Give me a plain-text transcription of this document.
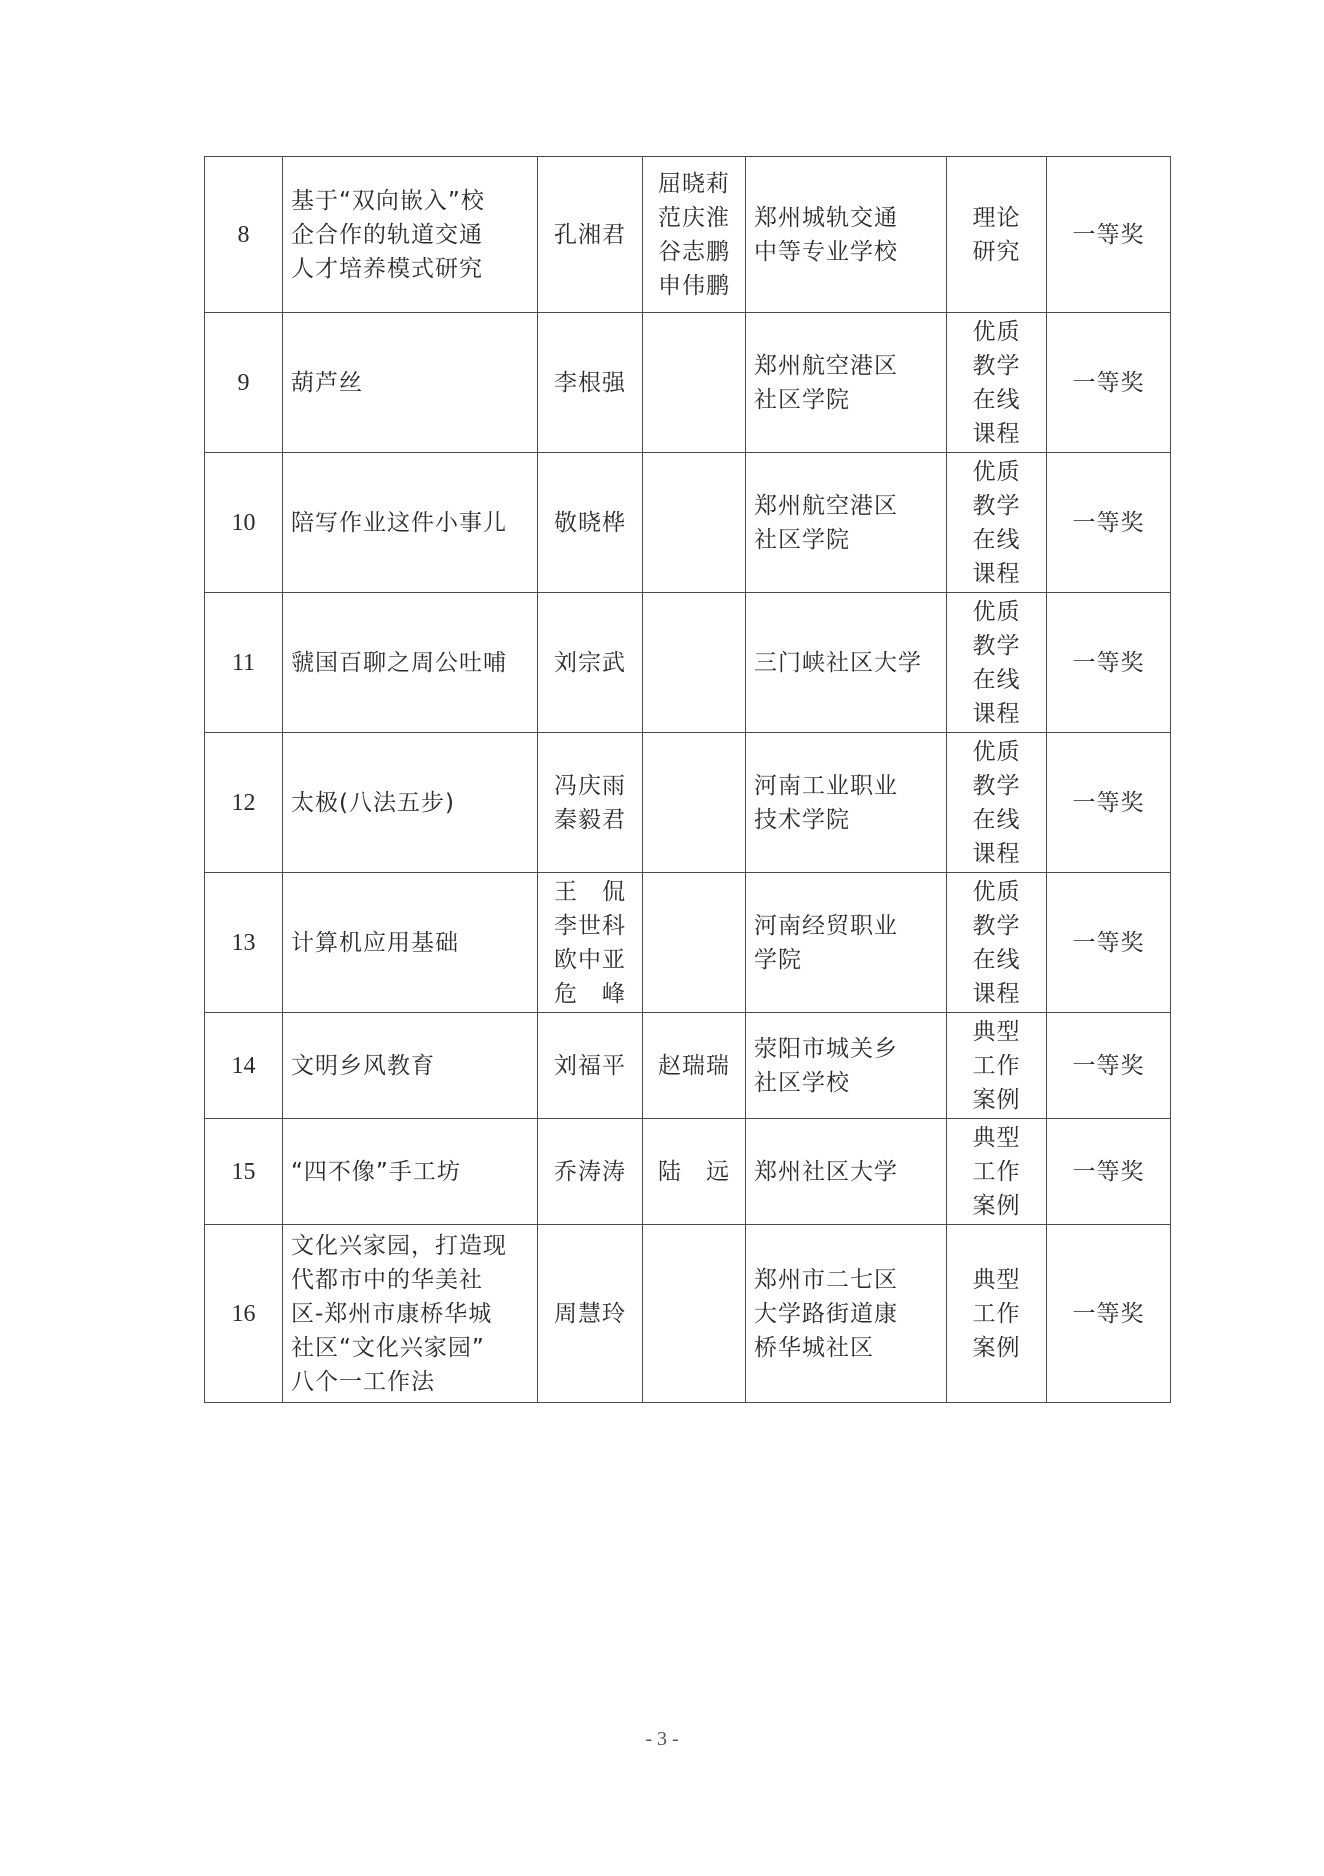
8	基于“双向嵌入”校
企合作的轨道交通
人才培养模式研究	孔湘君	屈晓莉
范庆淮
谷志鹏
申伟鹏	郑州城轨交通
中等专业学校	理论
研究	一等奖
9	葫芦丝	李根强		郑州航空港区
社区学院	优质
教学
在线
课程	一等奖
10	陪写作业这件小事儿	敬晓桦		郑州航空港区
社区学院	优质
教学
在线
课程	一等奖
11	虢国百聊之周公吐哺	刘宗武		三门峡社区大学	优质
教学
在线
课程	一等奖
12	太极(八法五步)	冯庆雨
秦毅君		河南工业职业
技术学院	优质
教学
在线
课程	一等奖
13	计算机应用基础	王　侃
李世科
欧中亚
危　峰		河南经贸职业
学院	优质
教学
在线
课程	一等奖
14	文明乡风教育	刘福平	赵瑞瑞	荥阳市城关乡
社区学校	典型
工作
案例	一等奖
15	“四不像”手工坊	乔涛涛	陆　远	郑州社区大学	典型
工作
案例	一等奖
16	文化兴家园，打造现
代都市中的华美社
区-郑州市康桥华城
社区“文化兴家园”
八个一工作法	周慧玲		郑州市二七区
大学路街道康
桥华城社区	典型
工作
案例	一等奖
- 3 -
